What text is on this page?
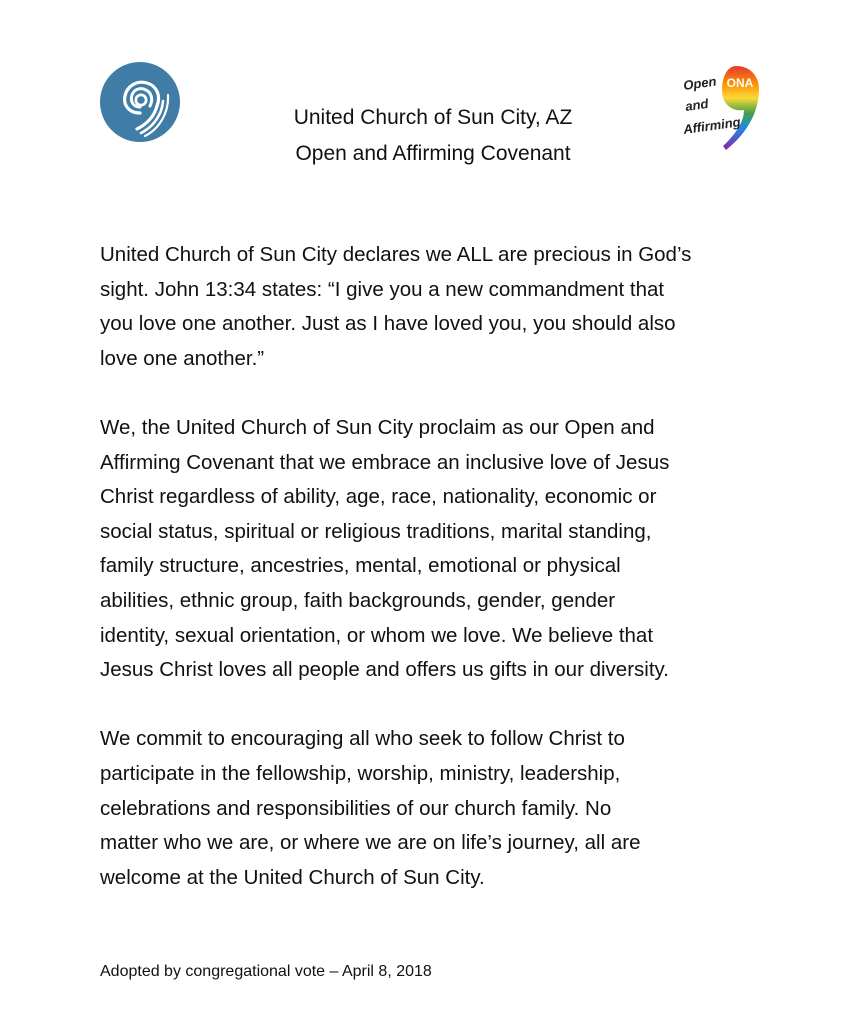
ONA
Open
and
Affirming
United Church of Sun City, AZ
Open and Affirming Covenant

United Church of Sun City declares we ALL are precious in God’s
sight. John 13:34 states: “I give you a new commandment that
you love one another. Just as I have loved you, you should also
love one another.”

We, the United Church of Sun City proclaim as our Open and
Affirming Covenant that we embrace an inclusive love of Jesus
Christ regardless of ability, age, race, nationality, economic or
social status, spiritual or religious traditions, marital standing,
family structure, ancestries, mental, emotional or physical
abilities, ethnic group, faith backgrounds, gender, gender
identity, sexual orientation, or whom we love. We believe that
Jesus Christ loves all people and offers us gifts in our diversity.

We commit to encouraging all who seek to follow Christ to
participate in the fellowship, worship, ministry, leadership,
celebrations and responsibilities of our church family. No
matter who we are, or where we are on life’s journey, all are
welcome at the United Church of Sun City.

Adopted by congregational vote – April 8, 2018
